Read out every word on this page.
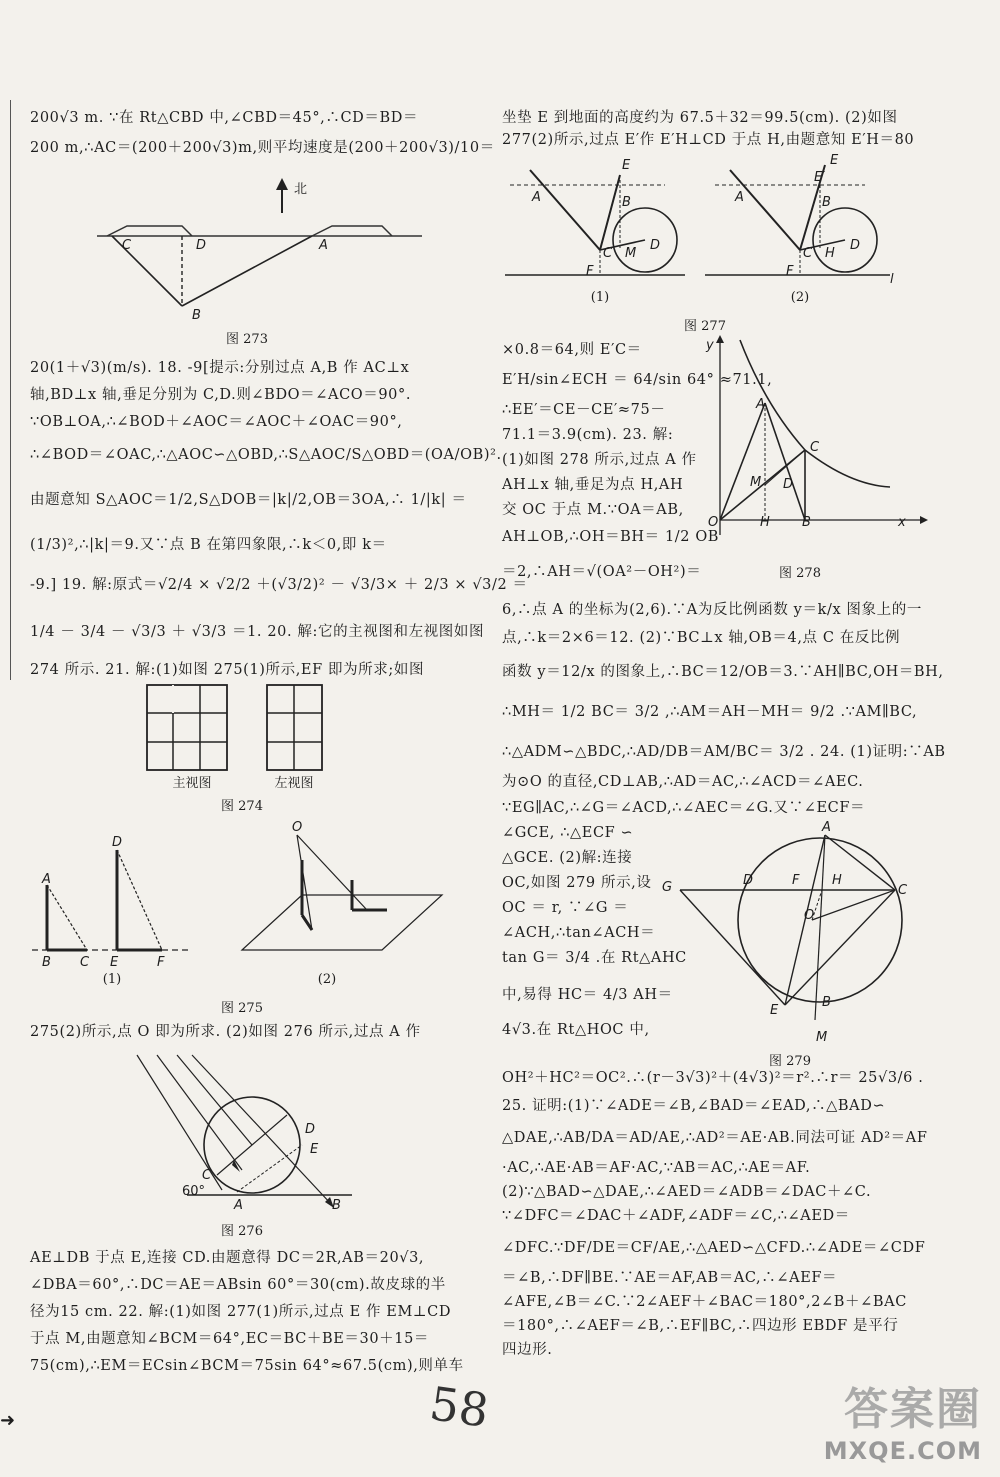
200√3 m. ∵在 Rt△CBD 中,∠CBD＝45°,∴CD＝BD＝
200 m,∴AC＝(200＋200√3)m,则平均速度是(200＋200√3)/10＝
北
C	D	A
B
图 273
20(1＋√3)(m/s). 18. -9[提示:分别过点 A,B 作 AC⊥x
轴,BD⊥x 轴,垂足分别为 C,D.则∠BDO＝∠ACO＝90°.
∵OB⊥OA,∴∠BOD＋∠AOC＝∠AOC＋∠OAC＝90°,
∴∠BOD＝∠OAC,∴△AOC∽△OBD,∴S△AOC/S△OBD＝(OA/OB)².
由题意知 S△AOC＝1/2,S△DOB＝|k|/2,OB＝3OA,∴ 1/|k| ＝
(1/3)²,∴|k|＝9.又∵点 B 在第四象限,∴k＜0,即 k＝
-9.] 19. 解:原式＝√2/4 × √2/2 ＋(√3/2)² － √3/3× ＋ 2/3 × √3/2 ＝
1/4 － 3/4 － √3/3 ＋ √3/3 ＝1. 20. 解:它的主视图和左视图如图
274 所示. 21. 解:(1)如图 275(1)所示,EF 即为所求;如图
主视图	左视图
图 274
D
A
O
B C E	F
(1)	(2)
图 275
275(2)所示,点 O 即为所求. (2)如图 276 所示,过点 A 作
D
E
C
60°
A	B
图 276
AE⊥DB 于点 E,连接 CD.由题意得 DC＝2R,AB＝20√3,
∠DBA＝60°,∴DC＝AE＝ABsin 60°＝30(cm).故皮球的半
径为15 cm. 22. 解:(1)如图 277(1)所示,过点 E 作 EM⊥CD
于点 M,由题意知∠BCM＝64°,EC＝BC＋BE＝30＋15＝
75(cm),∴EM＝ECsin∠BCM＝75sin 64°≈67.5(cm),则单车
坐垫 E 到地面的高度约为 67.5＋32＝99.5(cm). (2)如图
277(2)所示,过点 E′作 E′H⊥CD 于点 H,由题意知 E′H＝80
E
A	B
C M
D
F
E
E′
A	B
C H
D
F
l
(1)	(2)
图 277
×0.8＝64,则 E′C＝
E′H/sin∠ECH ＝ 64/sin 64° ≈71.1,
∴EE′＝CE－CE′≈75－
71.1＝3.9(cm). 23. 解:
(1)如图 278 所示,过点 A 作
AH⊥x 轴,垂足为点 H,AH
交 OC 于点 M.∵OA＝AB,
AH⊥OB,∴OH＝BH＝ 1/2 OB
＝2,∴AH＝√(OA²－OH²)＝
y
A
C
M D
O	H B	x
图 278
6,∴点 A 的坐标为(2,6).∵A为反比例函数 y＝k/x 图象上的一
点,∴k＝2×6＝12. (2)∵BC⊥x 轴,OB＝4,点 C 在反比例
函数 y＝12/x 的图象上,∴BC＝12/OB＝3.∵AH∥BC,OH＝BH,
∴MH＝ 1/2 BC＝ 3/2 ,∴AM＝AH－MH＝ 9/2 .∵AM∥BC,
∴△ADM∽△BDC,∴AD/DB＝AM/BC＝ 3/2 . 24. (1)证明:∵AB
为⊙O 的直径,CD⊥AB,∴AD＝AC,∴∠ACD＝∠AEC.
∵EG∥AC,∴∠G＝∠ACD,∴∠AEC＝∠G.又∵∠ECF＝
∠GCE, ∴△ECF ∽
△GCE. (2)解:连接
OC,如图 279 所示,设
OC ＝ r, ∵∠G ＝
∠ACH,∴tan∠ACH＝
tan G＝ 3/4 .在 Rt△AHC
中,易得 HC＝ 4/3 AH＝
4√3.在 Rt△HOC 中,
A
G	D	F	H
C
O
E
B
M
图 279
OH²＋HC²＝OC².∴(r－3√3)²＋(4√3)²＝r².∴r＝ 25√3/6 .
25. 证明:(1)∵∠ADE＝∠B,∠BAD＝∠EAD,∴△BAD∽
△DAE,∴AB/DA＝AD/AE,∴AD²＝AE·AB.同法可证 AD²＝AF
·AC,∴AE·AB＝AF·AC,∵AB＝AC,∴AE＝AF.
(2)∵△BAD∽△DAE,∴∠AED＝∠ADB＝∠DAC＋∠C.
∵∠DFC＝∠DAC＋∠ADF,∠ADF＝∠C,∴∠AED＝
∠DFC.∵DF/DE＝CF/AE,∴△AED∽△CFD.∴∠ADE＝∠CDF
＝∠B,∴DF∥BE.∵AE＝AF,AB＝AC,∴∠AEF＝
∠AFE,∠B＝∠C.∵2∠AEF＋∠BAC＝180°,2∠B＋∠BAC
＝180°,∴∠AEF＝∠B,∴EF∥BC,∴四边形 EBDF 是平行
四边形.
➜	58	答案圈
MXQE.COM
